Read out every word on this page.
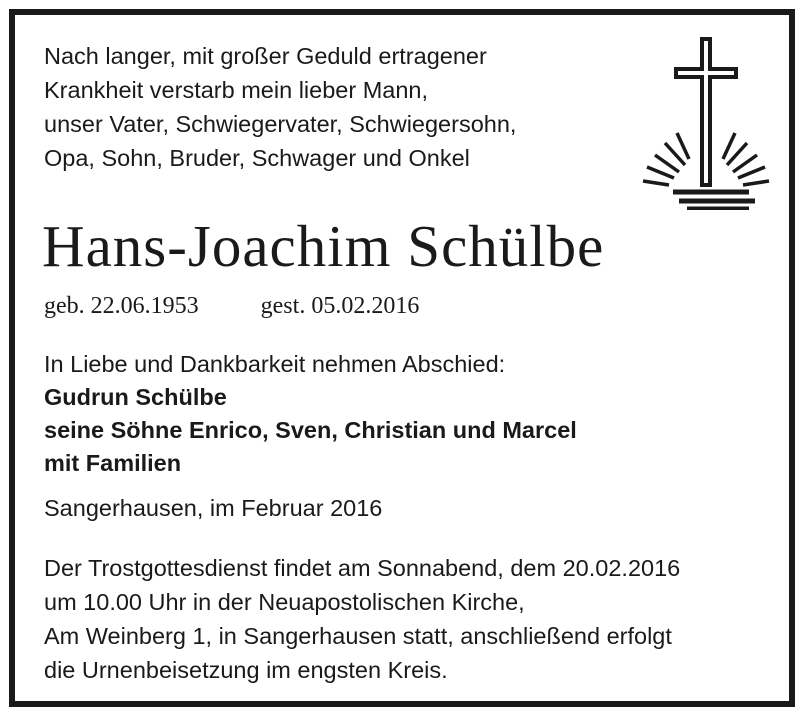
Nach langer, mit großer Geduld ertragener
Krankheit verstarb mein lieber Mann,
unser Vater, Schwiegervater, Schwiegersohn,
Opa, Sohn, Bruder, Schwager und Onkel
Hans-Joachim Schülbe
geb. 22.06.1953	gest. 05.02.2016
In Liebe und Dankbarkeit nehmen Abschied:
Gudrun Schülbe
seine Söhne Enrico, Sven, Christian und Marcel
mit Familien
Sangerhausen, im Februar 2016
Der Trostgottesdienst findet am Sonnabend, dem 20.02.2016
um 10.00 Uhr in der Neuapostolischen Kirche,
Am Weinberg 1, in Sangerhausen statt, anschließend erfolgt
die Urnenbeisetzung im engsten Kreis.
